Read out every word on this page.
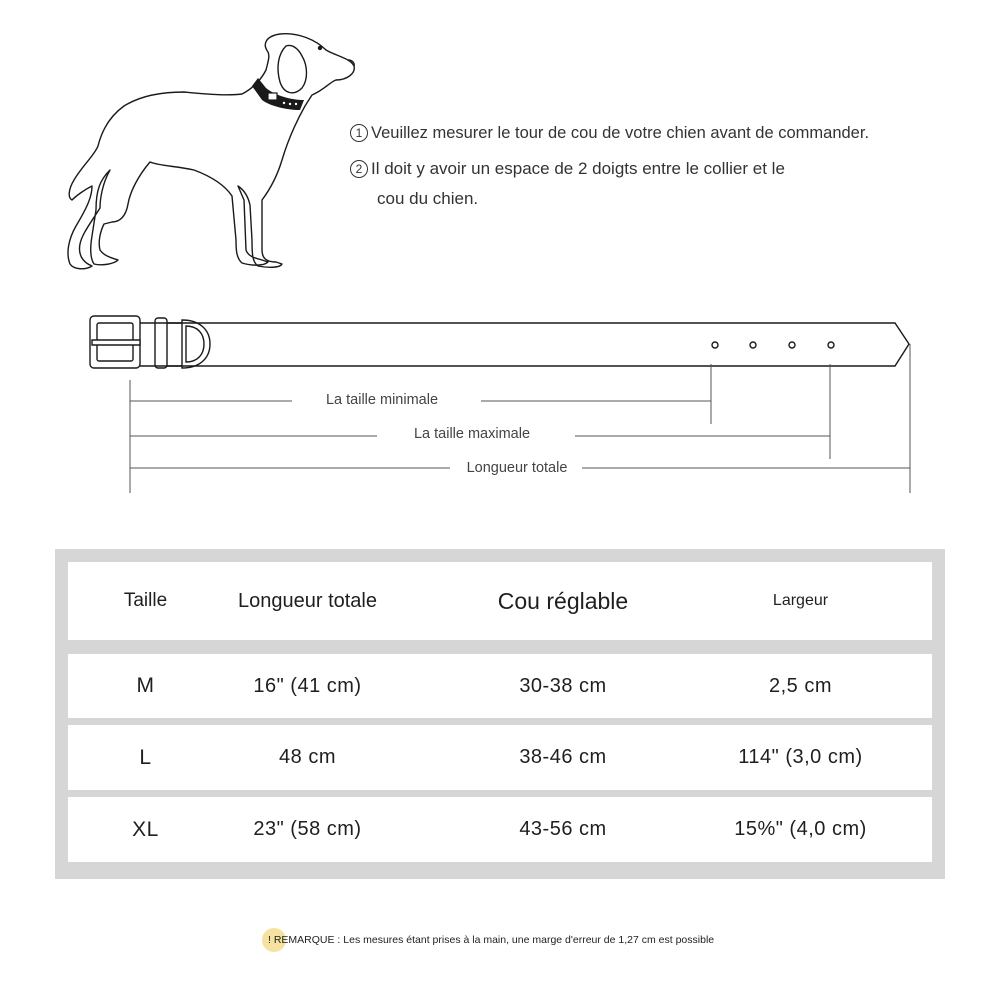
1 Veuillez mesurer le tour de cou de votre chien avant de commander.
2 Il doit y avoir un espace de 2 doigts entre le collier et le
cou du chien.
La taille minimale
La taille maximale
Longueur totale
Taille	Longueur totale	Cou réglable	Largeur
M	16" (41 cm)	30-38 cm	2,5 cm
L	48 cm	38-46 cm	114" (3,0 cm)
XL	23" (58 cm)	43-56 cm	15%" (4,0 cm)
! REMARQUE : Les mesures étant prises à la main, une marge d'erreur de 1,27 cm est possible
